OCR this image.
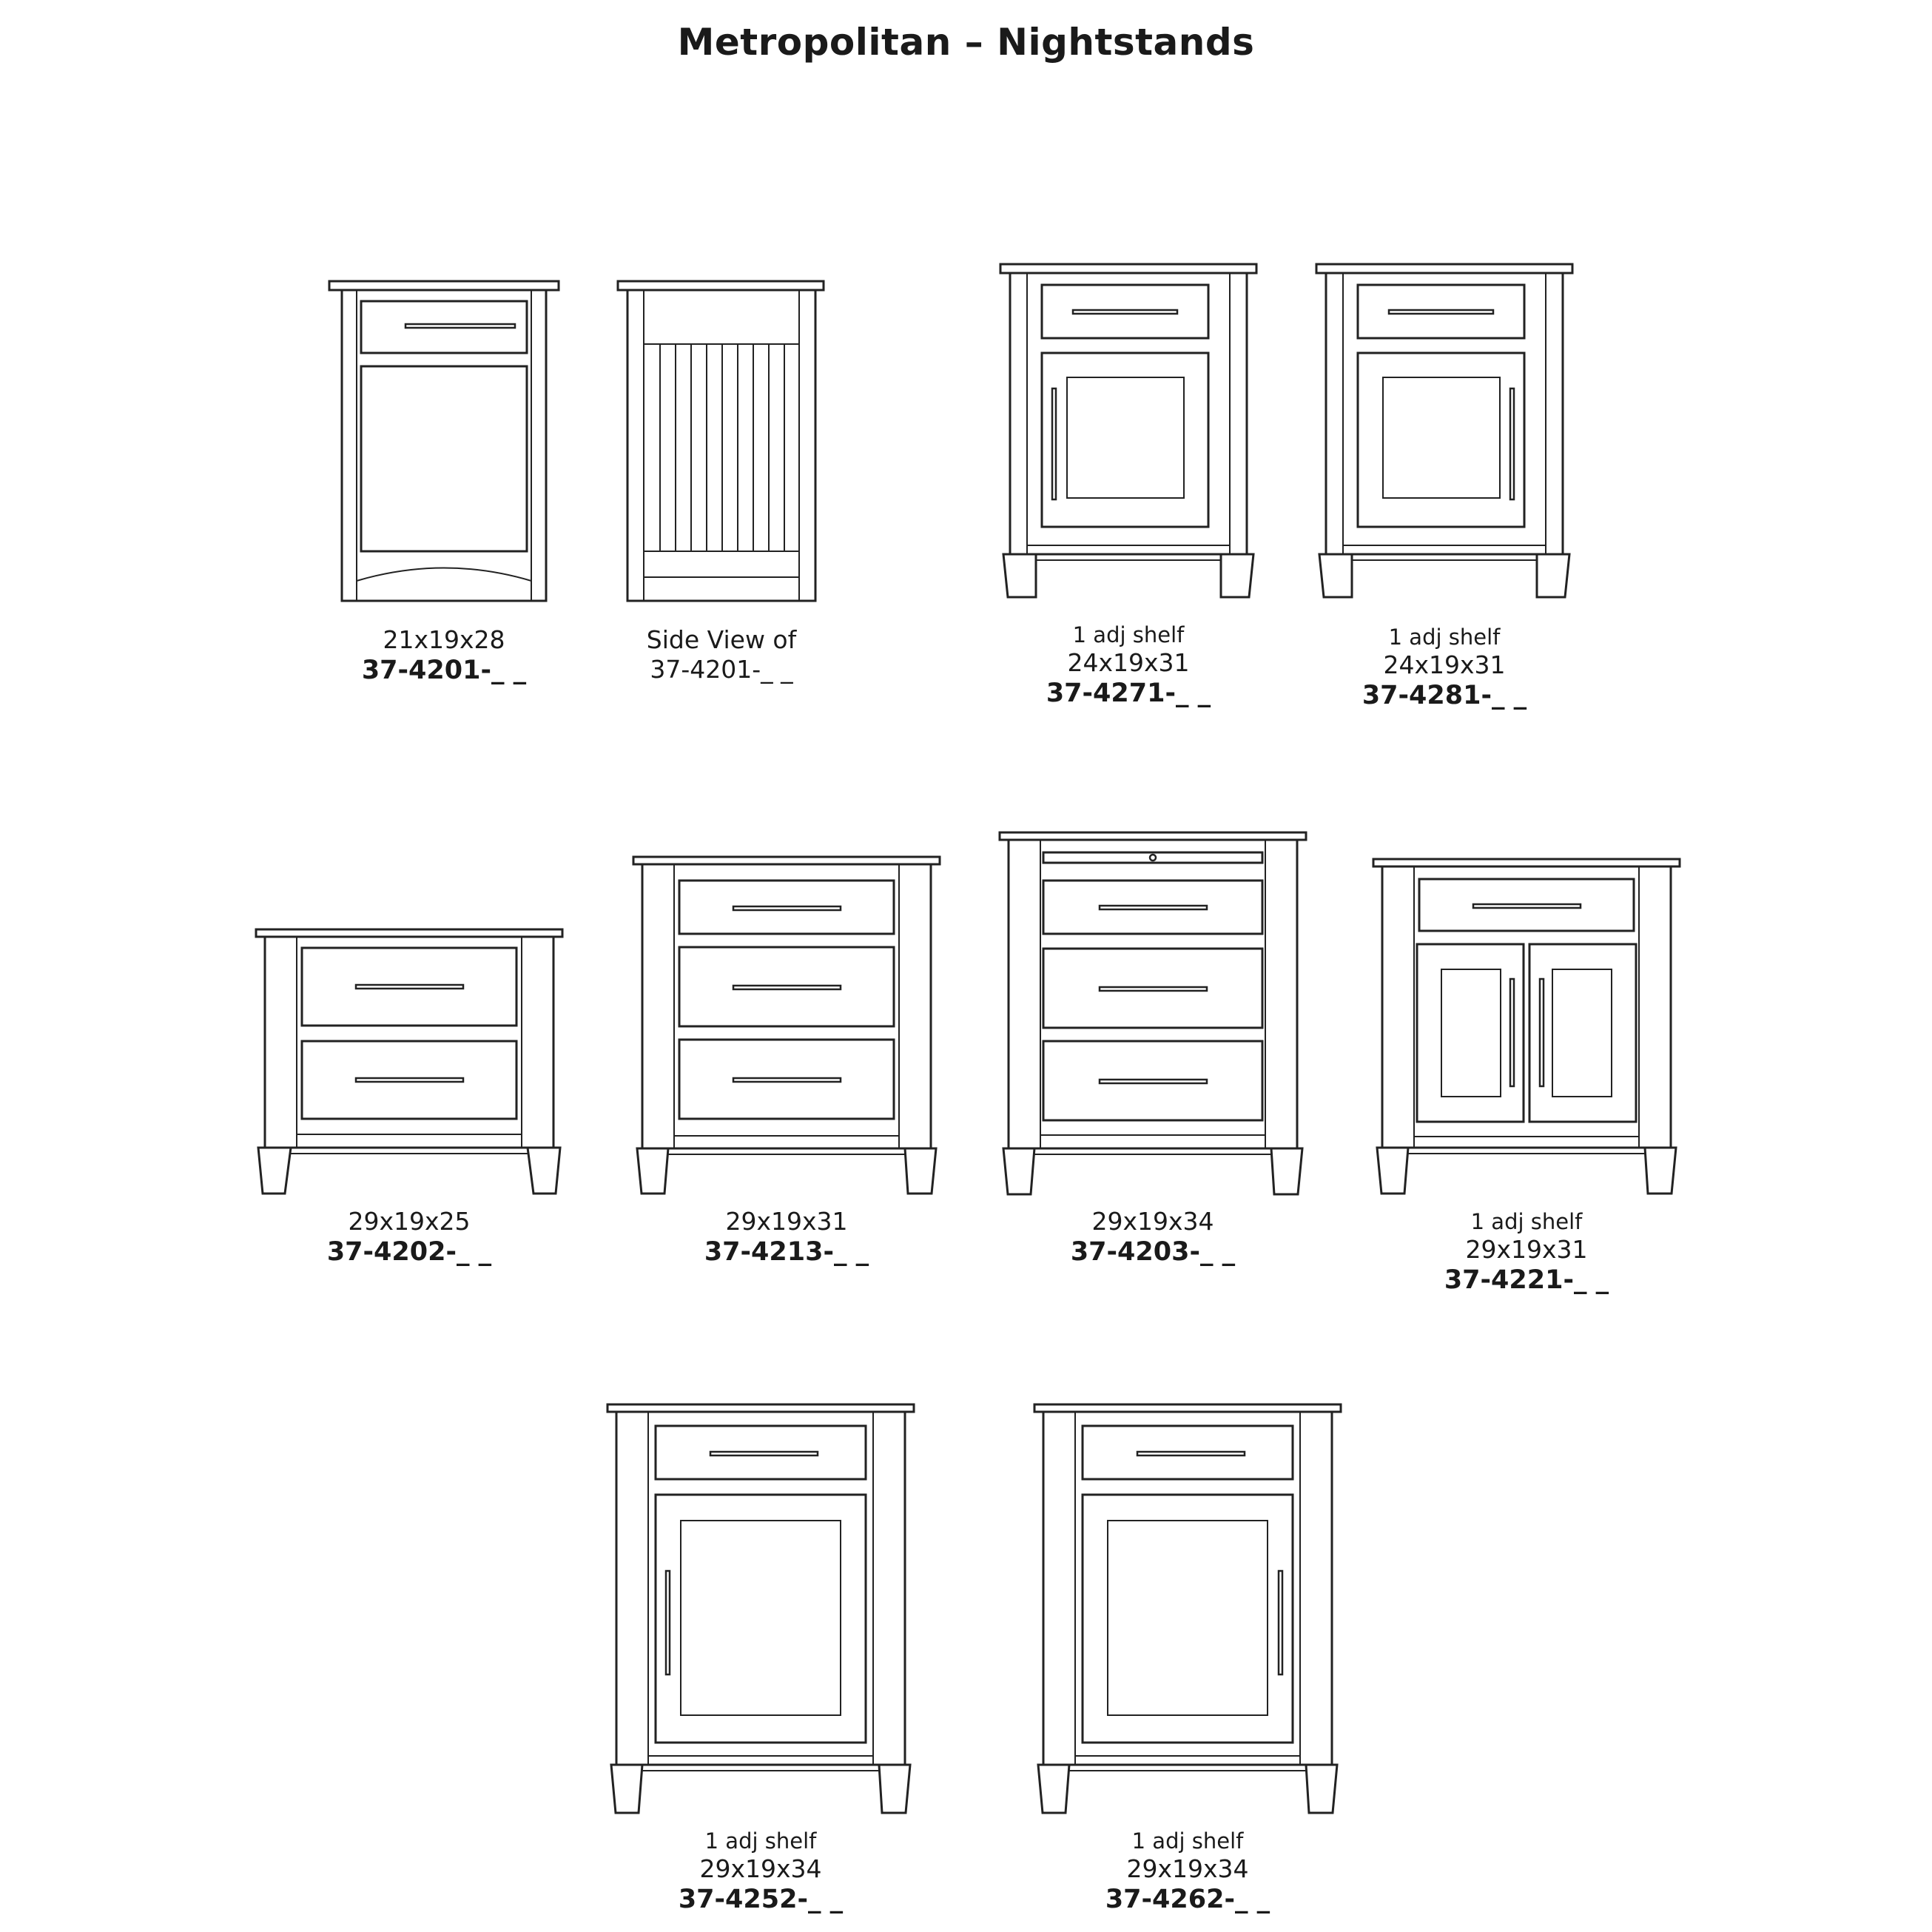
Metropolitan – Nightstands
21x19x28
37-4201-_ _
Side View of
37-4201-_ _
1 adj shelf
24x19x31
37-4271-_ _
1 adj shelf
24x19x31
37-4281-_ _
29x19x25
37-4202-_ _
29x19x31
37-4213-_ _
29x19x34
37-4203-_ _
1 adj shelf
29x19x31
37-4221-_ _
1 adj shelf
29x19x34
37-4252-_ _
1 adj shelf
29x19x34
37-4262-_ _
